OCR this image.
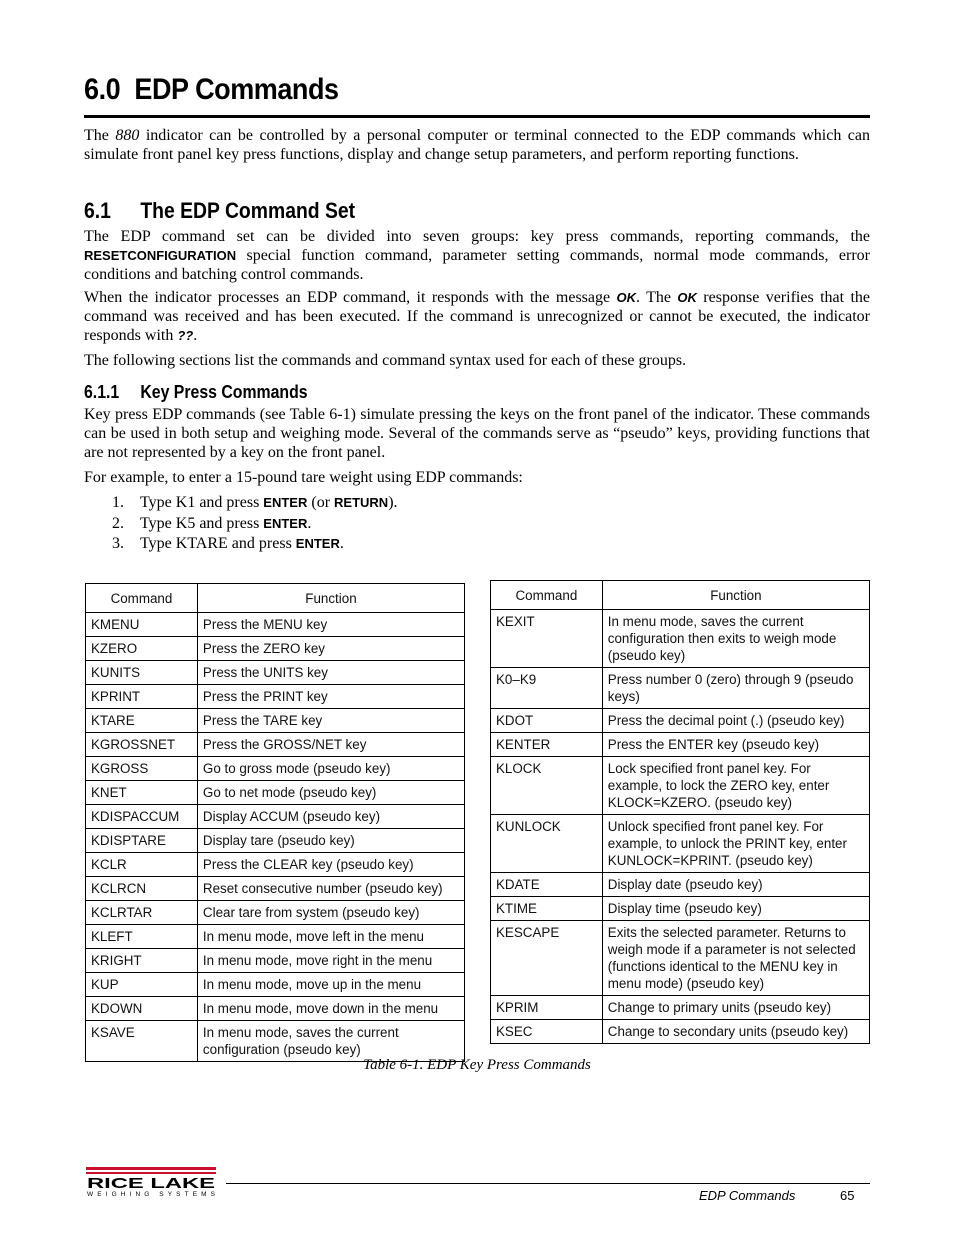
6.0 EDP Commands
The 880 indicator can be controlled by a personal computer or terminal connected to the EDP commands which can simulate front panel key press functions, display and change setup parameters, and perform reporting functions.
6.1 The EDP Command Set
The EDP command set can be divided into seven groups: key press commands, reporting commands, the RESETCONFIGURATION special function command, parameter setting commands, normal mode commands, error conditions and batching control commands.
When the indicator processes an EDP command, it responds with the message OK. The OK response verifies that the command was received and has been executed. If the command is unrecognized or cannot be executed, the indicator responds with ??.
The following sections list the commands and command syntax used for each of these groups.
6.1.1 Key Press Commands
Key press EDP commands (see Table 6-1) simulate pressing the keys on the front panel of the indicator. These commands can be used in both setup and weighing mode. Several of the commands serve as “pseudo” keys, providing functions that are not represented by a key on the front panel.
For example, to enter a 15-pound tare weight using EDP commands:
1. Type K1 and press ENTER (or RETURN).
2. Type K5 and press ENTER.
3. Type KTARE and press ENTER.
Command	Function
KMENU	Press the MENU key
KZERO	Press the ZERO key
KUNITS	Press the UNITS key
KPRINT	Press the PRINT key
KTARE	Press the TARE key
KGROSSNET	Press the GROSS/NET key
KGROSS	Go to gross mode (pseudo key)
KNET	Go to net mode (pseudo key)
KDISPACCUM	Display ACCUM (pseudo key)
KDISPTARE	Display tare (pseudo key)
KCLR	Press the CLEAR key (pseudo key)
KCLRCN	Reset consecutive number (pseudo key)
KCLRTAR	Clear tare from system (pseudo key)
KLEFT	In menu mode, move left in the menu
KRIGHT	In menu mode, move right in the menu
KUP	In menu mode, move up in the menu
KDOWN	In menu mode, move down in the menu
KSAVE	In menu mode, saves the current configuration (pseudo key)
Command	Function
KEXIT	In menu mode, saves the current configuration then exits to weigh mode (pseudo key)
K0–K9	Press number 0 (zero) through 9 (pseudo keys)
KDOT	Press the decimal point (.) (pseudo key)
KENTER	Press the ENTER key (pseudo key)
KLOCK	Lock specified front panel key. For example, to lock the ZERO key, enter KLOCK=KZERO. (pseudo key)
KUNLOCK	Unlock specified front panel key. For example, to unlock the PRINT key, enter KUNLOCK=KPRINT. (pseudo key)
KDATE	Display date (pseudo key)
KTIME	Display time (pseudo key)
KESCAPE	Exits the selected parameter. Returns to weigh mode if a parameter is not selected (functions identical to the MENU key in menu mode) (pseudo key)
KPRIM	Change to primary units (pseudo key)
KSEC	Change to secondary units (pseudo key)
Table 6-1. EDP Key Press Commands
RICE LAKE
WEIGHING SYSTEMS	EDP Commands	65
